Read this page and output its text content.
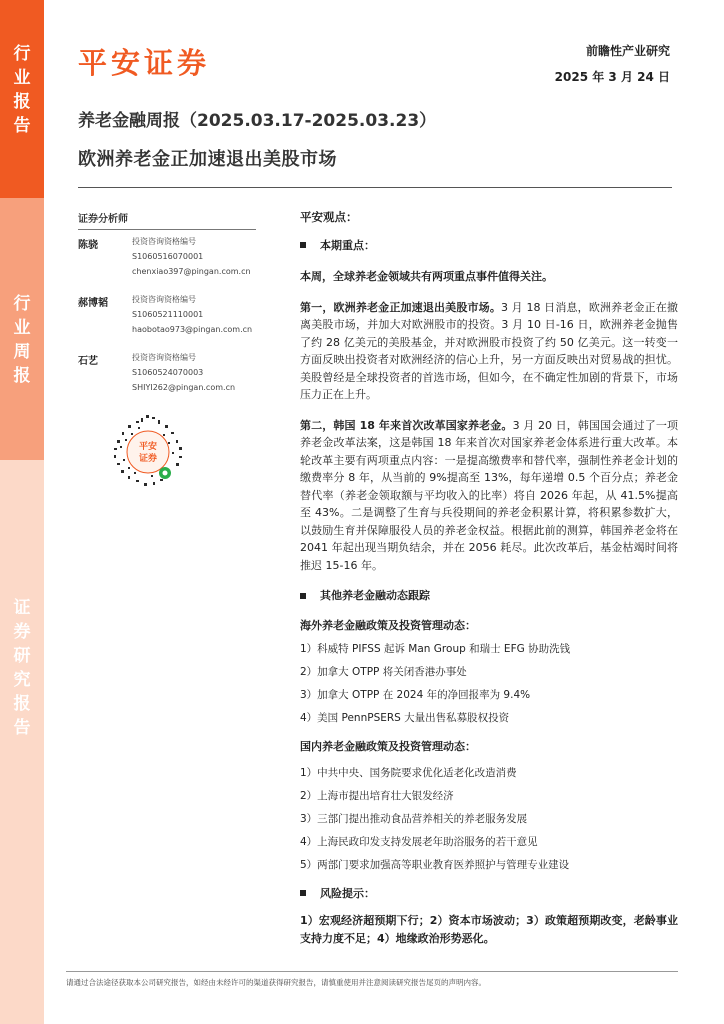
行
业
报
告
行
业
周
报
证
券
研
究
报
告
平 安 证 券	前瞻性产业研究
2025 年 3 月 24 日
养老金融周报（2025.03.17-2025.03.23）
欧洲养老金正加速退出美股市场
证券分析师
陈骁	投资咨询资格编号
S1060516070001
chenxiao397@pingan.com.cn
郝博韬	投资咨询资格编号
S1060521110001
haobotao973@pingan.com.cn
石艺	投资咨询资格编号
S1060524070003
SHIYI262@pingan.com.cn
平安
证券
平安观点：
本期重点：

本周，全球养老金领域共有两项重点事件值得关注。

第一，欧洲养老金正加速退出美股市场。3 月 18 日消息，欧洲养老金正在撤离美股市场，并加大对欧洲股市的投资。3 月 10 日-16 日，欧洲养老金抛售了约 28 亿美元的美股基金，并对欧洲股市投资了约 50 亿美元。这一转变一方面反映出投资者对欧洲经济的信心上升，另一方面反映出对贸易战的担忧。美股曾经是全球投资者的首选市场，但如今，在不确定性加剧的背景下，市场压力正在上升。

第二，韩国 18 年来首次改革国家养老金。3 月 20 日，韩国国会通过了一项养老金改革法案，这是韩国 18 年来首次对国家养老金体系进行重大改革。本轮改革主要有两项重点内容：一是提高缴费率和替代率，强制性养老金计划的缴费率分 8 年，从当前的 9%提高至 13%，每年递增 0.5 个百分点；养老金替代率（养老金领取额与平均收入的比率）将自 2026 年起，从 41.5%提高至 43%。二是调整了生育与兵役期间的养老金积累计算，将积累参数扩大，以鼓励生育并保障服役人员的养老金权益。根据此前的测算，韩国养老金将在 2041 年起出现当期负结余，并在 2056 耗尽。此次改革后，基金枯竭时间将推迟 15-16 年。

其他养老金融动态跟踪
海外养老金融政策及投资管理动态：
1）科威特 PIFSS 起诉 Man Group 和瑞士 EFG 协助洗钱
2）加拿大 OTPP 将关闭香港办事处
3）加拿大 OTPP 在 2024 年的净回报率为 9.4%
4）美国 PennPSERS 大量出售私募股权投资
国内养老金融政策及投资管理动态：
1）中共中央、国务院要求优化适老化改造消费
2）上海市提出培育壮大银发经济
3）三部门提出推动食品营养相关的养老服务发展
4）上海民政印发支持发展老年助浴服务的若干意见
5）两部门要求加强高等职业教育医养照护与管理专业建设
风险提示：

1）宏观经济超预期下行；2）资本市场波动；3）政策超预期改变，老龄事业支持力度不足；4）地缘政治形势恶化。

请通过合法途径获取本公司研究报告，如经由未经许可的渠道获得研究报告，请慎重使用并注意阅读研究报告尾页的声明内容。
